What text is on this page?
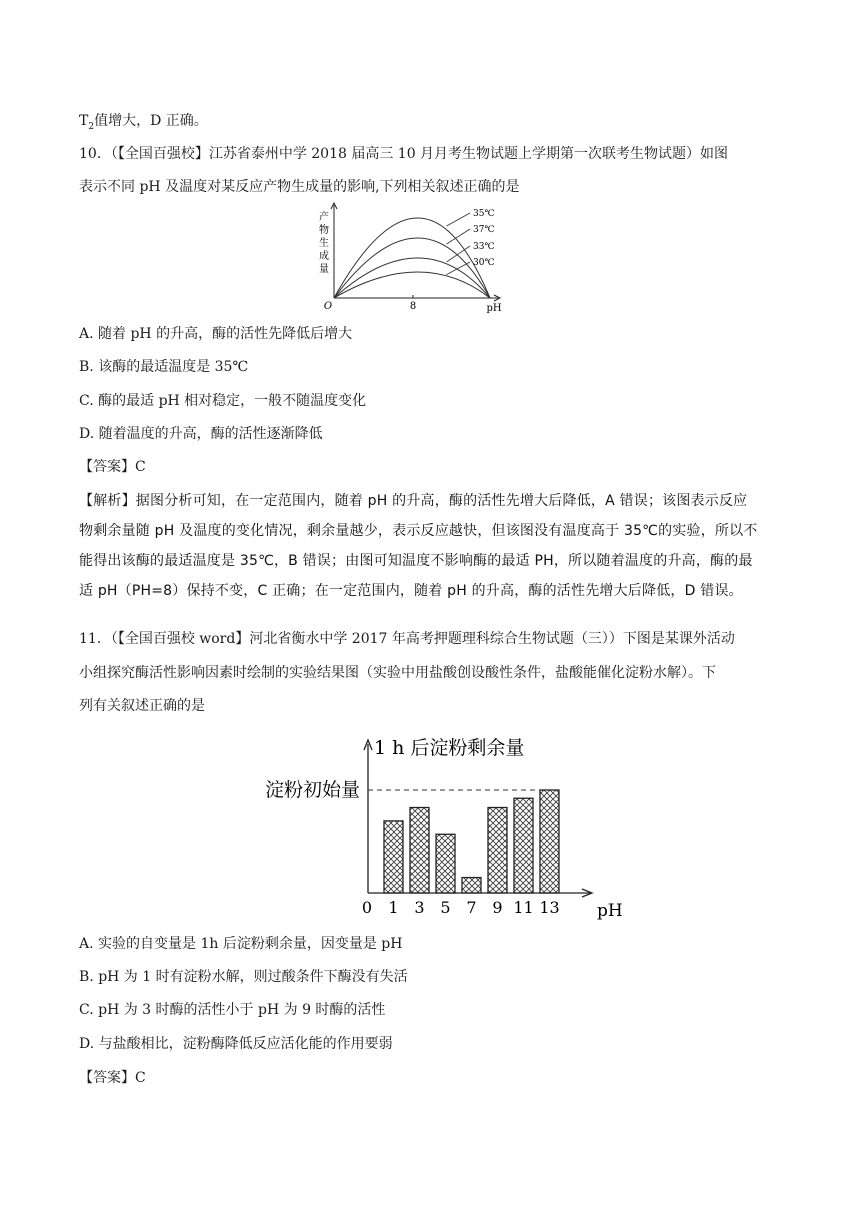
$T_2$值增大，D 正确。
10．（【全国百强校】江苏省泰州中学 2018 届高三 10 月月考生物试题上学期第一次联考生物试题）如图
表示不同 pH 及温度对某反应产物生成量的影响,下列相关叙述正确的是
产
物
生
成
量
O	8	pH
35℃
37℃
33℃
30℃
A. 随着 pH 的升高，酶的活性先降低后增大
B. 该酶的最适温度是 35℃
C. 酶的最适 pH 相对稳定，一般不随温度变化
D. 随着温度的升高，酶的活性逐渐降低
【答案】C
【解析】据图分析可知，在一定范围内，随着 pH 的升高，酶的活性先增大后降低，A 错误；该图表示反应
物剩余量随 pH 及温度的变化情况，剩余量越少，表示反应越快，但该图没有温度高于 35℃的实验，所以不
能得出该酶的最适温度是 35℃，B 错误；由图可知温度不影响酶的最适 PH，所以随着温度的升高，酶的最
适 pH（PH=8）保持不变，C 正确；在一定范围内，随着 pH 的升高，酶的活性先增大后降低，D 错误。
11．（【全国百强校 word】河北省衡水中学 2017 年高考押题理科综合生物试题（三））下图是某课外活动
小组探究酶活性影响因素时绘制的实验结果图（实验中用盐酸创设酸性条件，盐酸能催化淀粉水解）。下
列有关叙述正确的是
1 h 后淀粉剩余量
淀粉初始量
0	pH
1 3 5 7 9 11 13
A. 实验的自变量是 1h 后淀粉剩余量，因变量是 pH
B. pH 为 1 时有淀粉水解，则过酸条件下酶没有失活
C. pH 为 3 时酶的活性小于 pH 为 9 时酶的活性
D. 与盐酸相比，淀粉酶降低反应活化能的作用要弱
【答案】C
